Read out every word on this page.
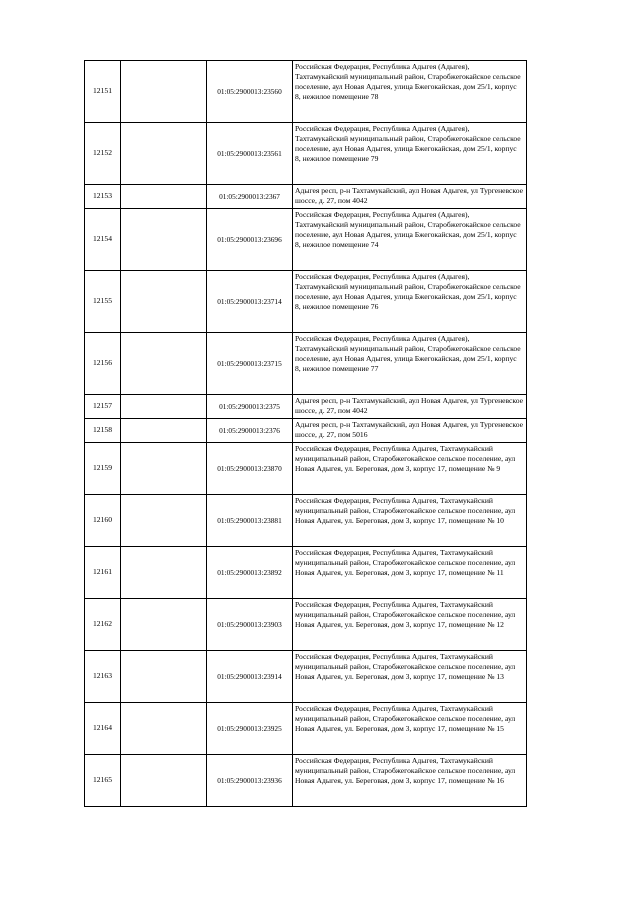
12151		01:05:2900013:23560	Российская Федерация, Республика Адыгея (Адыгея), Тахтамукайский муниципальный район, Старобжегокайское сельское поселение, аул Новая Адыгея, улица Бжегокайская, дом 25/1, корпус 8, нежилое помещение 78
12152		01:05:2900013:23561	Российская Федерация, Республика Адыгея (Адыгея), Тахтамукайский муниципальный район, Старобжегокайское сельское поселение, аул Новая Адыгея, улица Бжегокайская, дом 25/1, корпус 8, нежилое помещение 79
12153		01:05:2900013:2367	Адыгея респ, р-н Тахтамукайский, аул Новая Адыгея, ул Тургеневское шоссе, д. 27, пом 4042
12154		01:05:2900013:23696	Российская Федерация, Республика Адыгея (Адыгея), Тахтамукайский муниципальный район, Старобжегокайское сельское поселение, аул Новая Адыгея, улица Бжегокайская, дом 25/1, корпус 8, нежилое помещение 74
12155		01:05:2900013:23714	Российская Федерация, Республика Адыгея (Адыгея), Тахтамукайский муниципальный район, Старобжегокайское сельское поселение, аул Новая Адыгея, улица Бжегокайская, дом 25/1, корпус 8, нежилое помещение 76
12156		01:05:2900013:23715	Российская Федерация, Республика Адыгея (Адыгея), Тахтамукайский муниципальный район, Старобжегокайское сельское поселение, аул Новая Адыгея, улица Бжегокайская, дом 25/1, корпус 8, нежилое помещение 77
12157		01:05:2900013:2375	Адыгея респ, р-н Тахтамукайский, аул Новая Адыгея, ул Тургеневское шоссе, д. 27, пом 4042
12158		01:05:2900013:2376	Адыгея респ, р-н Тахтамукайский, аул Новая Адыгея, ул Тургеневское шоссе, д. 27, пом 5016
12159		01:05:2900013:23870	Российская Федерация, Республика Адыгея, Тахтамукайский муниципальный район, Старобжегокайское сельское поселение, аул Новая Адыгея, ул. Береговая, дом 3, корпус 17, помещение № 9
12160		01:05:2900013:23881	Российская Федерация, Республика Адыгея, Тахтамукайский муниципальный район, Старобжегокайское сельское поселение, аул Новая Адыгея, ул. Береговая, дом 3, корпус 17, помещение № 10
12161		01:05:2900013:23892	Российская Федерация, Республика Адыгея, Тахтамукайский муниципальный район, Старобжегокайское сельское поселение, аул Новая Адыгея, ул. Береговая, дом 3, корпус 17, помещение № 11
12162		01:05:2900013:23903	Российская Федерация, Республика Адыгея, Тахтамукайский муниципальный район, Старобжегокайское сельское поселение, аул Новая Адыгея, ул. Береговая, дом 3, корпус 17, помещение № 12
12163		01:05:2900013:23914	Российская Федерация, Республика Адыгея, Тахтамукайский муниципальный район, Старобжегокайское сельское поселение, аул Новая Адыгея, ул. Береговая, дом 3, корпус 17, помещение № 13
12164		01:05:2900013:23925	Российская Федерация, Республика Адыгея, Тахтамукайский муниципальный район, Старобжегокайское сельское поселение, аул Новая Адыгея, ул. Береговая, дом 3, корпус 17, помещение № 15
12165		01:05:2900013:23936	Российская Федерация, Республика Адыгея, Тахтамукайский муниципальный район, Старобжегокайское сельское поселение, аул Новая Адыгея, ул. Береговая, дом 3, корпус 17, помещение № 16
